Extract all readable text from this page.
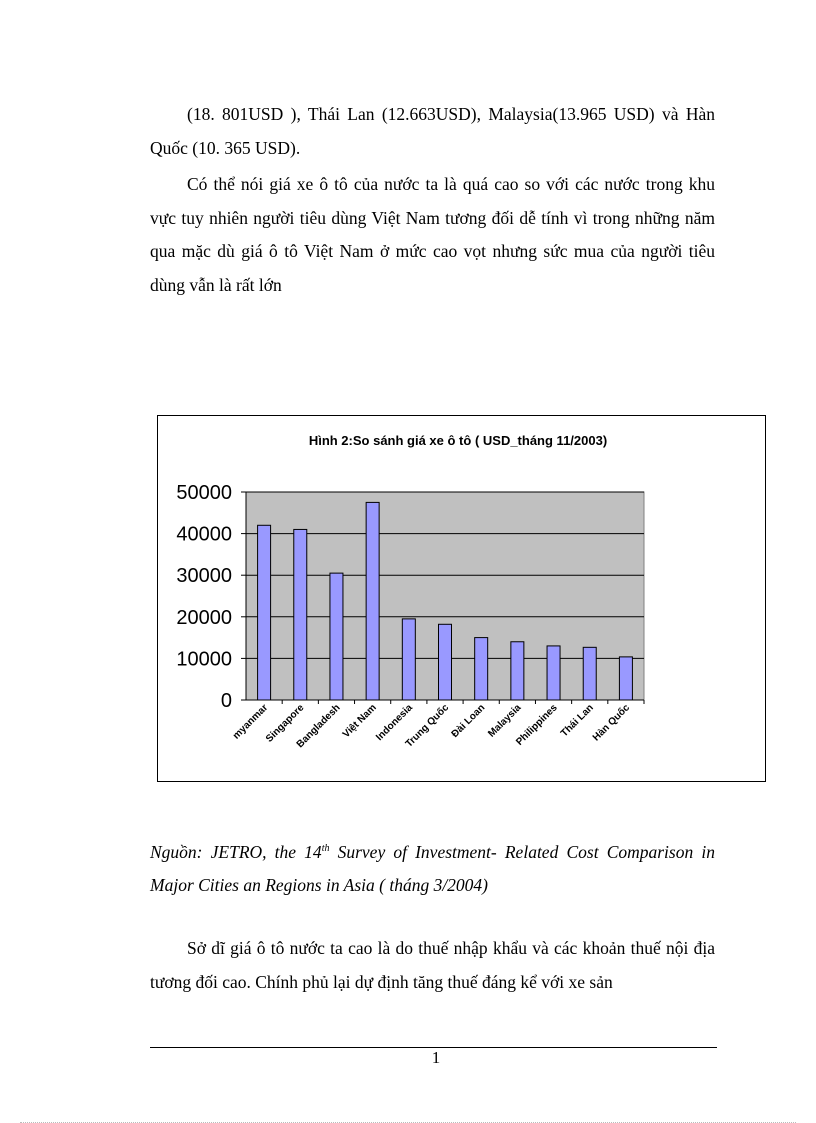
(18. 801USD ), Thái Lan (12.663USD), Malaysia(13.965 USD) và Hàn Quốc (10. 365 USD).
Có thể nói giá xe ô tô của nước ta là quá cao so với các nước trong khu vực tuy nhiên người tiêu dùng Việt Nam tương đối dễ tính vì trong những năm qua mặc dù giá ô tô Việt Nam ở mức cao vọt nhưng sức mua của người tiêu dùng vẫn là rất lớn
Hình 2:So sánh giá xe ô tô ( USD_tháng 11/2003)
0
10000
20000
30000
40000
50000
myanmar
Singapore
Bangladesh
Việt Nam
Indonesia
Trung Quốc
Đài Loan
Malaysia
Philippines Thái Lan
Hàn Quốc
Nguồn: JETRO, the 14th Survey of Investment- Related Cost Comparison in Major Cities an Regions in Asia ( tháng 3/2004)
Sở dĩ giá ô tô nước ta cao là do thuế nhập khẩu và các khoản thuế nội địa tương đối cao. Chính phủ lại dự định tăng thuế đáng kể với xe sản
1
